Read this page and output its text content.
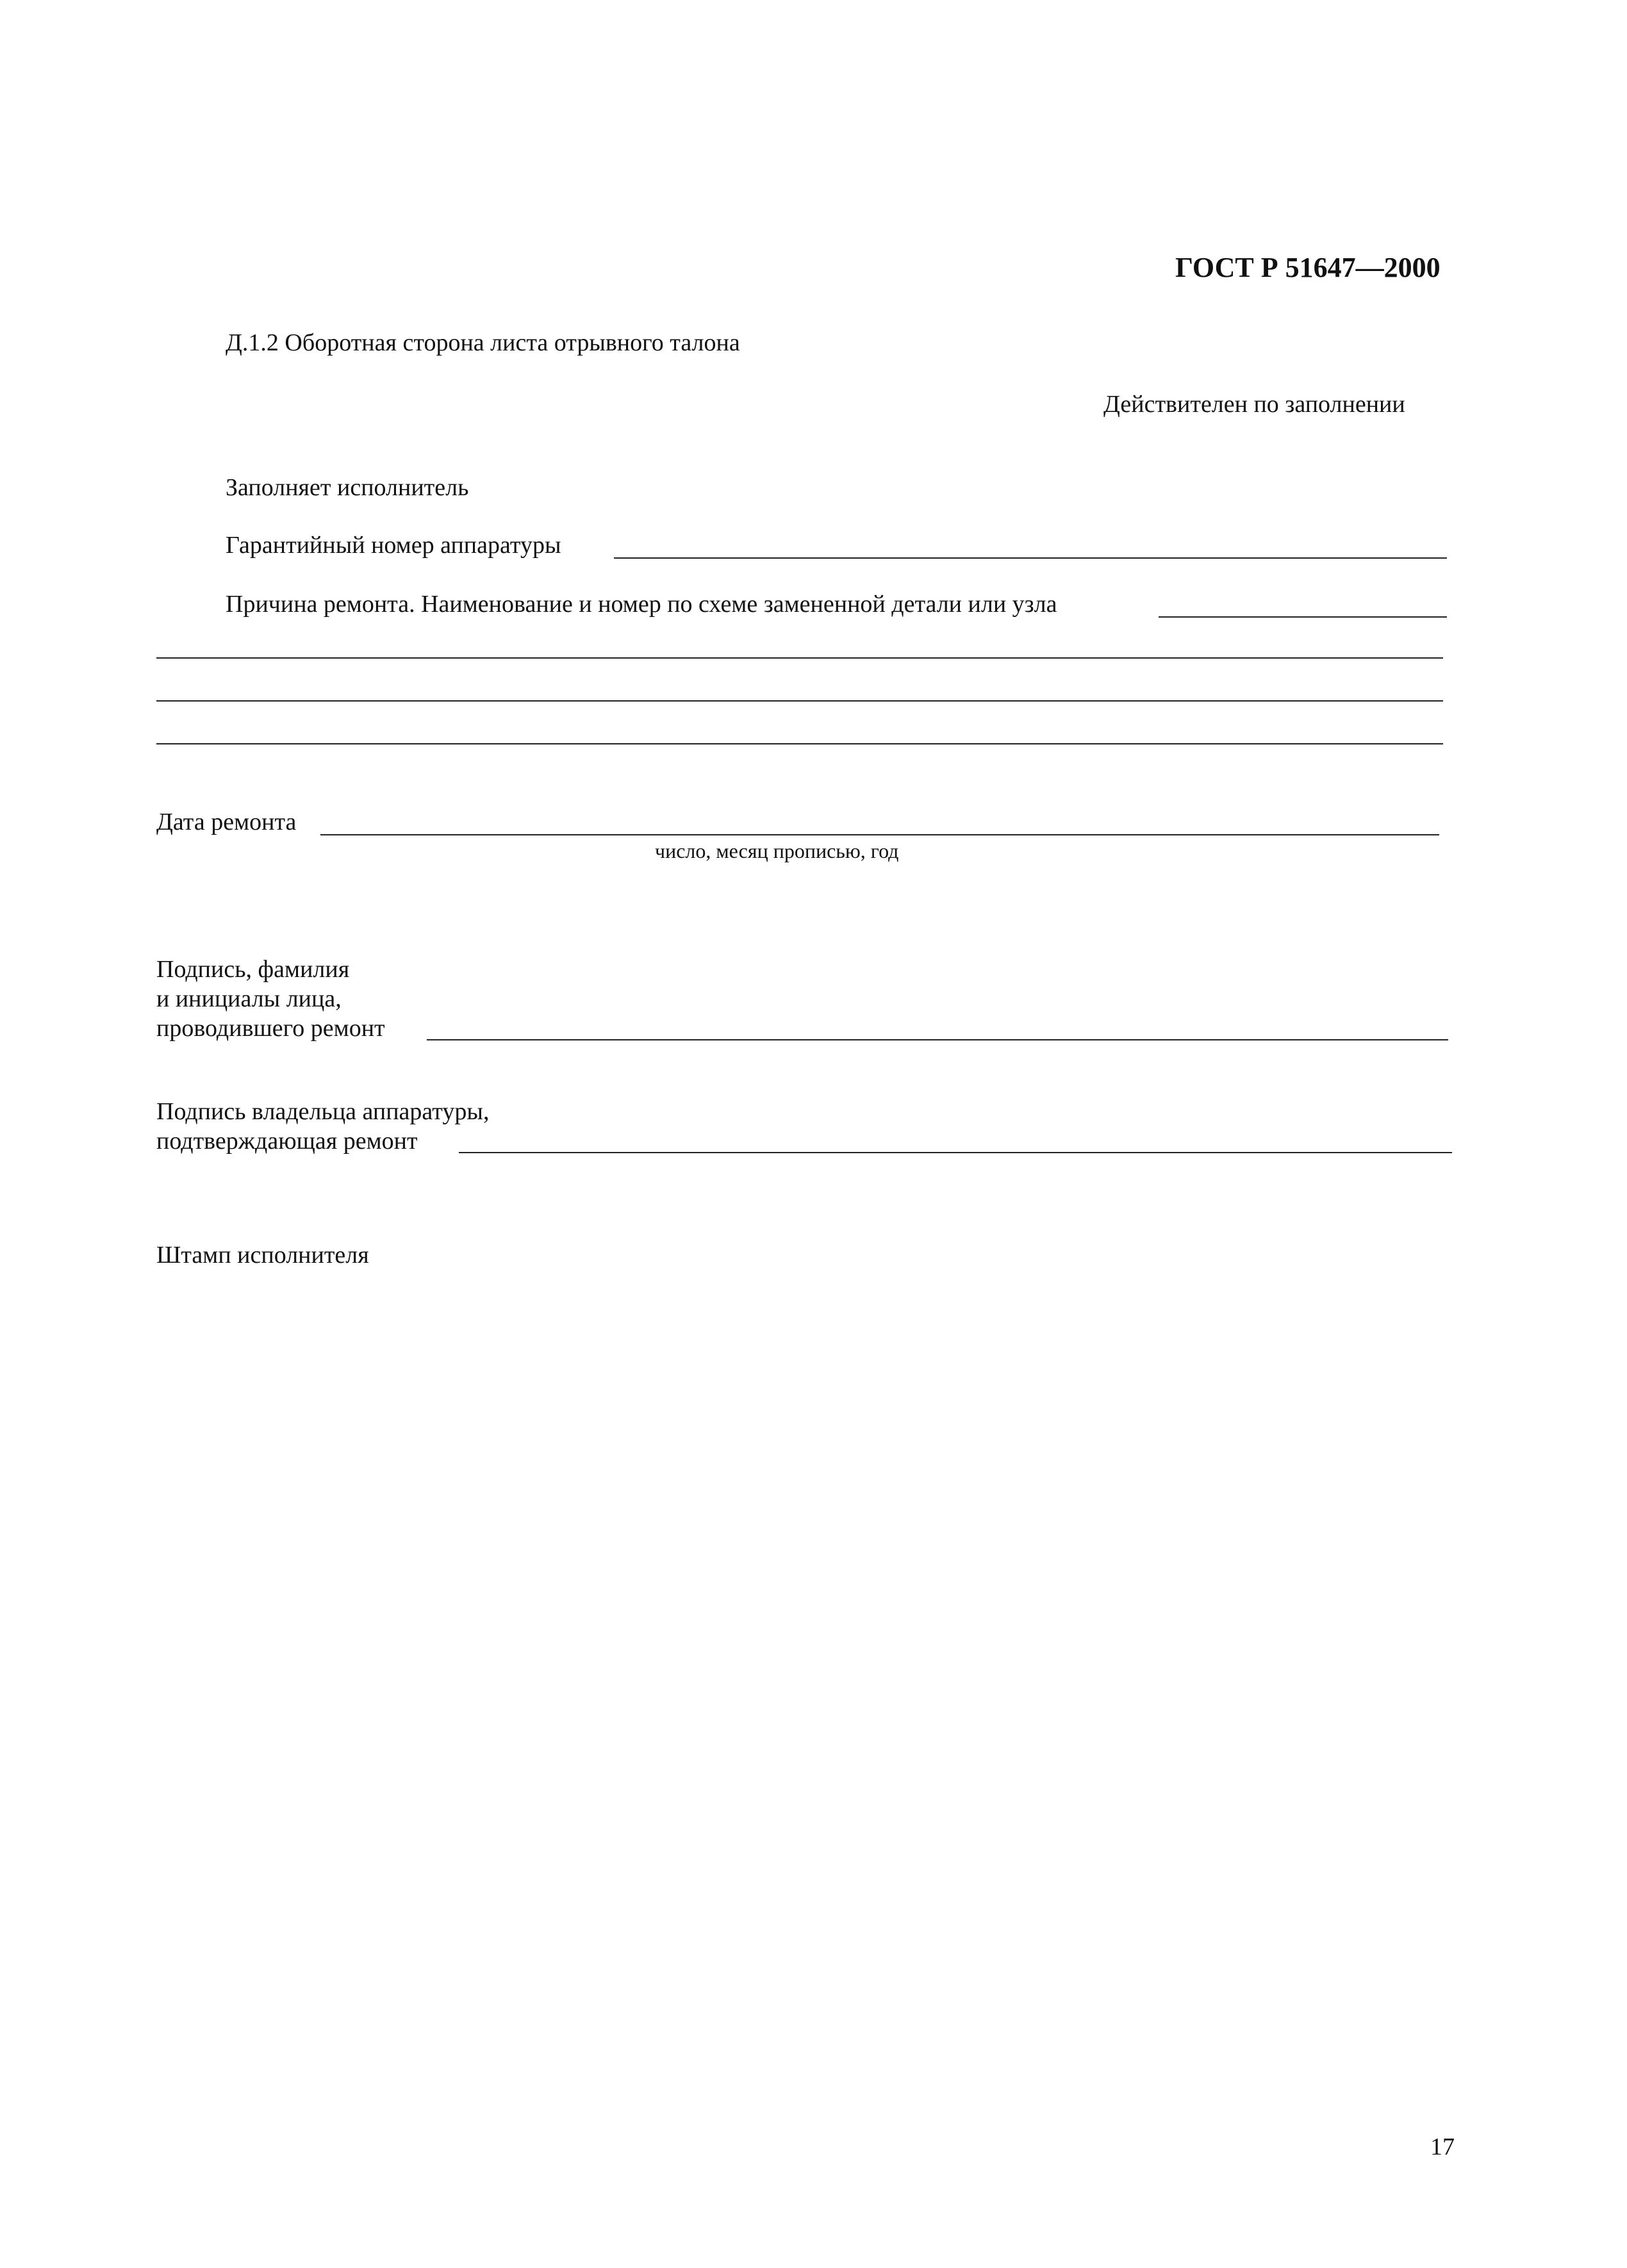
ГОСТ Р 51647—2000
Д.1.2 Оборотная сторона листа отрывного талона
Действителен по заполнении
Заполняет исполнитель
Гарантийный номер аппаратуры
Причина ремонта. Наименование и номер по схеме замененной детали или узла
Дата ремонта
число, месяц прописью, год
Подпись, фамилия
и инициалы лица,
проводившего ремонт
Подпись владельца аппаратуры,
подтверждающая ремонт
Штамп исполнителя
17
